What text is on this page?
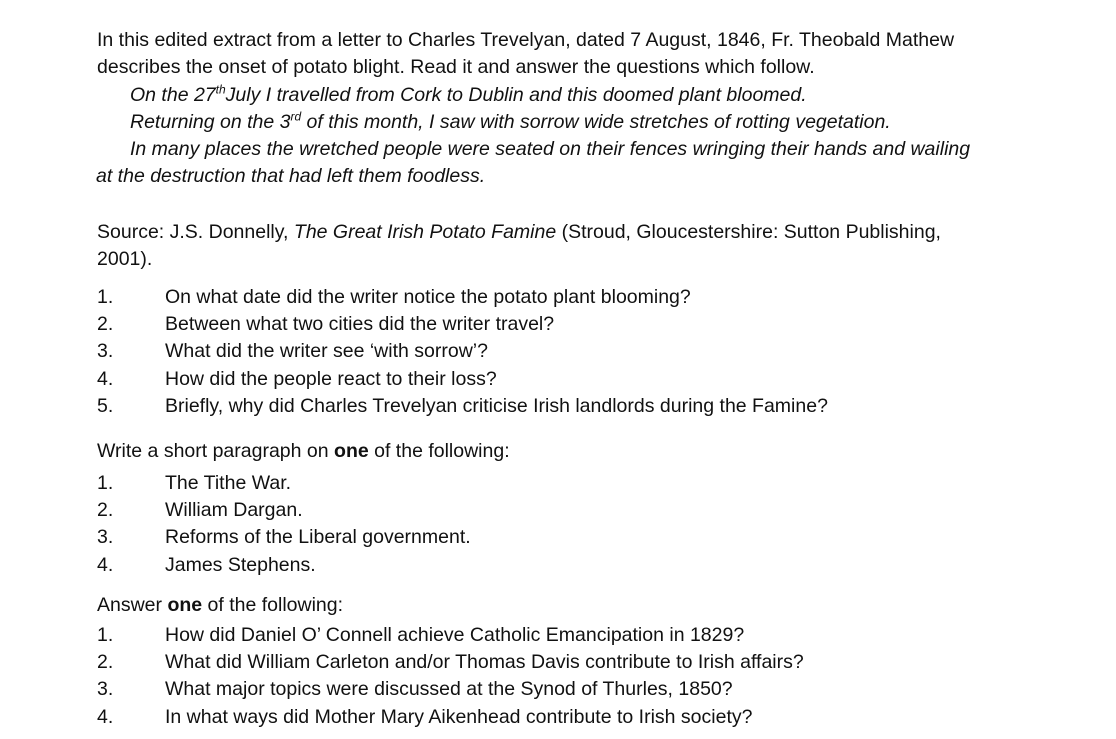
In this edited extract from a letter to Charles Trevelyan, dated 7 August, 1846, Fr. Theobald Mathew
describes the onset of potato blight. Read it and answer the questions which follow.
On the 27thJuly I travelled from Cork to Dublin and this doomed plant bloomed.
Returning on the 3rd of this month, I saw with sorrow wide stretches of rotting vegetation.
In many places the wretched people were seated on their fences wringing their hands and wailing
at the destruction that had left them foodless.
Source: J.S. Donnelly, The Great Irish Potato Famine (Stroud, Gloucestershire: Sutton Publishing,
2001).
1.	On what date did the writer notice the potato plant blooming?
2.	Between what two cities did the writer travel?
3.	What did the writer see ‘with sorrow’?
4.	How did the people react to their loss?
5.	Briefly, why did Charles Trevelyan criticise Irish landlords during the Famine?
Write a short paragraph on one of the following:
1.	The Tithe War.
2.	William Dargan.
3.	Reforms of the Liberal government.
4.	James Stephens.
Answer one of the following:
1.	How did Daniel O’ Connell achieve Catholic Emancipation in 1829?
2.	What did William Carleton and/or Thomas Davis contribute to Irish affairs?
3.	What major topics were discussed at the Synod of Thurles, 1850?
4.	In what ways did Mother Mary Aikenhead contribute to Irish society?
